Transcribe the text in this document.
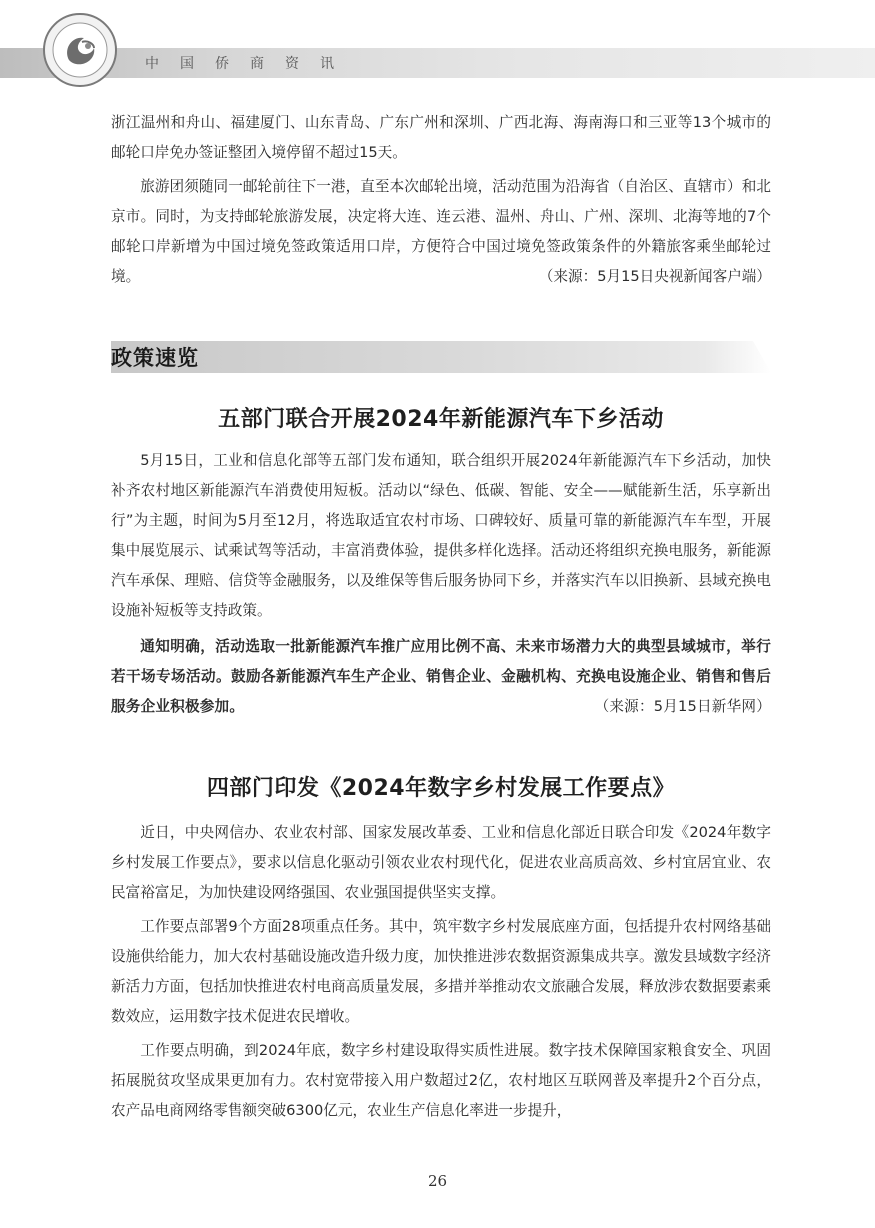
中国侨商资讯

浙江温州和舟山、福建厦门、山东青岛、广东广州和深圳、广西北海、海南海口和三亚等13个城市的邮轮口岸免办签证整团入境停留不超过15天。

旅游团须随同一邮轮前往下一港，直至本次邮轮出境，活动范围为沿海省（自治区、直辖市）和北京市。同时，为支持邮轮旅游发展，决定将大连、连云港、温州、舟山、广州、深圳、北海等地的7个邮轮口岸新增为中国过境免签政策适用口岸，方便符合中国过境免签政策条件的外籍旅客乘坐邮轮过境。	（来源：5月15日央视新闻客户端）

政策速览
五部门联合开展2024年新能源汽车下乡活动

5月15日，工业和信息化部等五部门发布通知，联合组织开展2024年新能源汽车下乡活动，加快补齐农村地区新能源汽车消费使用短板。活动以“绿色、低碳、智能、安全——赋能新生活，乐享新出行”为主题，时间为5月至12月，将选取适宜农村市场、口碑较好、质量可靠的新能源汽车车型，开展集中展览展示、试乘试驾等活动，丰富消费体验，提供多样化选择。活动还将组织充换电服务，新能源汽车承保、理赔、信贷等金融服务，以及维保等售后服务协同下乡，并落实汽车以旧换新、县域充换电设施补短板等支持政策。

通知明确，活动选取一批新能源汽车推广应用比例不高、未来市场潜力大的典型县域城市，举行若干场专场活动。鼓励各新能源汽车生产企业、销售企业、金融机构、充换电设施企业、销售和售后服务企业积极参加。	（来源：5月15日新华网）

四部门印发《2024年数字乡村发展工作要点》

近日，中央网信办、农业农村部、国家发展改革委、工业和信息化部近日联合印发《2024年数字乡村发展工作要点》，要求以信息化驱动引领农业农村现代化，促进农业高质高效、乡村宜居宜业、农民富裕富足，为加快建设网络强国、农业强国提供坚实支撑。

工作要点部署9个方面28项重点任务。其中，筑牢数字乡村发展底座方面，包括提升农村网络基础设施供给能力，加大农村基础设施改造升级力度，加快推进涉农数据资源集成共享。激发县域数字经济新活力方面，包括加快推进农村电商高质量发展，多措并举推动农文旅融合发展，释放涉农数据要素乘数效应，运用数字技术促进农民增收。

工作要点明确，到2024年底，数字乡村建设取得实质性进展。数字技术保障国家粮食安全、巩固拓展脱贫攻坚成果更加有力。农村宽带接入用户数超过2亿，农村地区互联网普及率提升2个百分点，农产品电商网络零售额突破6300亿元，农业生产信息化率进一步提升，

26
